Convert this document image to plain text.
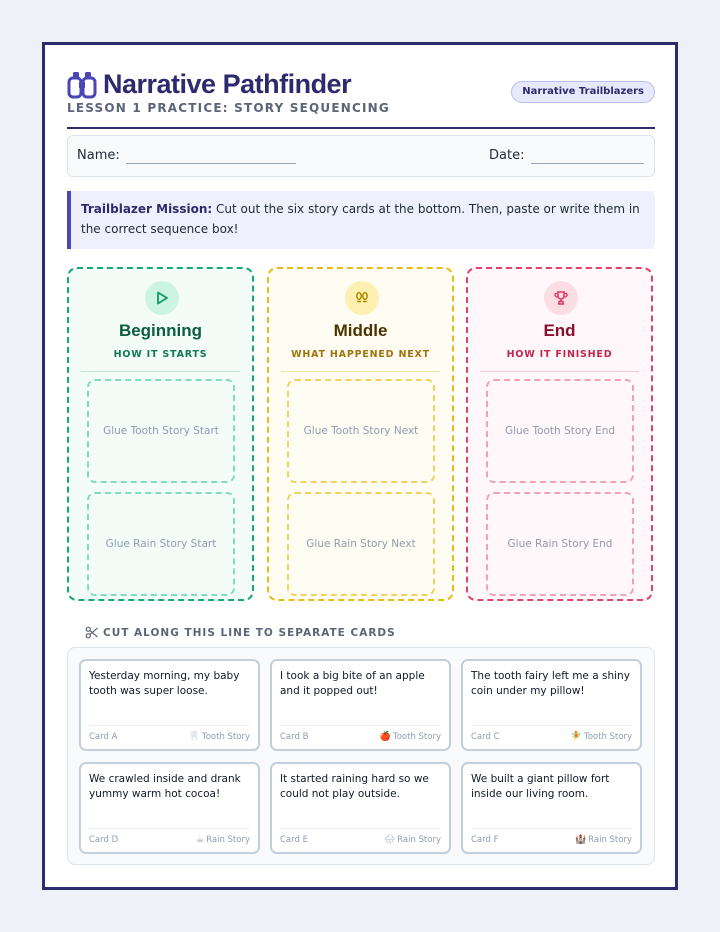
Narrative Pathfinder
LESSON 1 PRACTICE: STORY SEQUENCING
Narrative Trailblazers
Name:	Date:
Trailblazer Mission: Cut out the six story cards at the bottom. Then, paste or write them in the correct sequence box!
Beginning
HOW IT STARTS
Glue Tooth Story Start
Glue Rain Story Start
Middle
WHAT HAPPENED NEXT
Glue Tooth Story Next
Glue Rain Story Next
End
HOW IT FINISHED
Glue Tooth Story End
Glue Rain Story End
CUT ALONG THIS LINE TO SEPARATE CARDS
Yesterday morning, my baby tooth was super loose.
Card A	🦷 Tooth Story
I took a big bite of an apple and it popped out!
Card B	🍎 Tooth Story
The tooth fairy left me a shiny coin under my pillow!
Card C	🧚 Tooth Story
We crawled inside and drank yummy warm hot cocoa!
Card D	☕ Rain Story
It started raining hard so we could not play outside.
Card E	🌧 Rain Story
We built a giant pillow fort inside our living room.
Card F	🏰 Rain Story
